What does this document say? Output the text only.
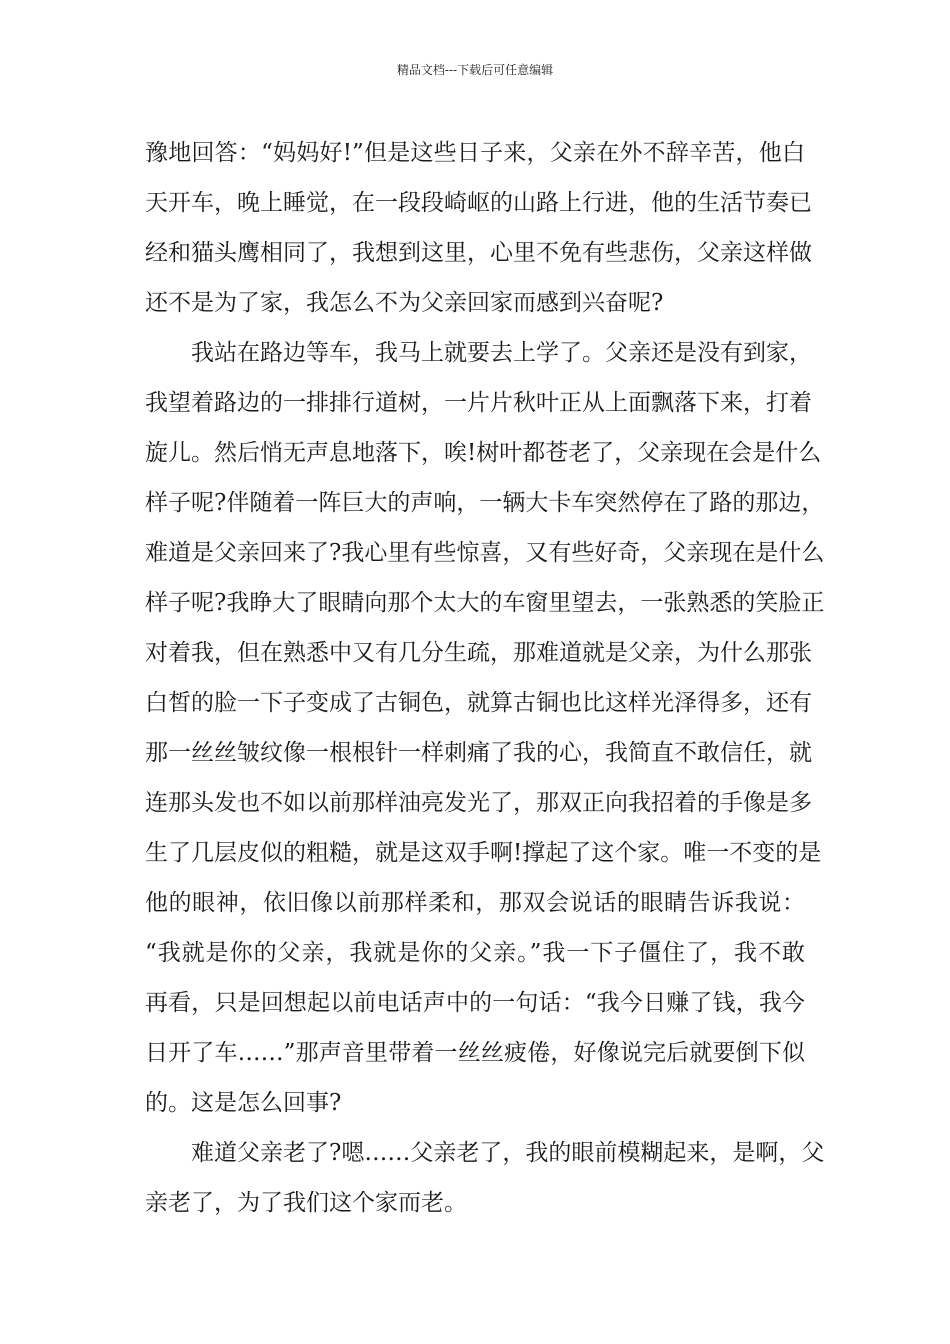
精品文档---下载后可任意编辑
豫地回答：“妈妈好!”但是这些日子来，父亲在外不辞辛苦，他白
天开车，晚上睡觉，在一段段崎岖的山路上行进，他的生活节奏已
经和猫头鹰相同了，我想到这里，心里不免有些悲伤，父亲这样做
还不是为了家，我怎么不为父亲回家而感到兴奋呢?
我站在路边等车，我马上就要去上学了。父亲还是没有到家，
我望着路边的一排排行道树，一片片秋叶正从上面飘落下来，打着
旋儿。然后悄无声息地落下，唉!树叶都苍老了，父亲现在会是什么
样子呢?伴随着一阵巨大的声响，一辆大卡车突然停在了路的那边，
难道是父亲回来了?我心里有些惊喜，又有些好奇，父亲现在是什么
样子呢?我睁大了眼睛向那个太大的车窗里望去，一张熟悉的笑脸正
对着我，但在熟悉中又有几分生疏，那难道就是父亲，为什么那张
白皙的脸一下子变成了古铜色，就算古铜也比这样光泽得多，还有
那一丝丝皱纹像一根根针一样刺痛了我的心，我简直不敢信任，就
连那头发也不如以前那样油亮发光了，那双正向我招着的手像是多
生了几层皮似的粗糙，就是这双手啊!撑起了这个家。唯一不变的是
他的眼神，依旧像以前那样柔和，那双会说话的眼睛告诉我说：
“我就是你的父亲，我就是你的父亲。”我一下子僵住了，我不敢
再看，只是回想起以前电话声中的一句话：“我今日赚了钱，我今
日开了车……”那声音里带着一丝丝疲倦，好像说完后就要倒下似
的。这是怎么回事?
难道父亲老了?嗯……父亲老了，我的眼前模糊起来，是啊，父
亲老了，为了我们这个家而老。
